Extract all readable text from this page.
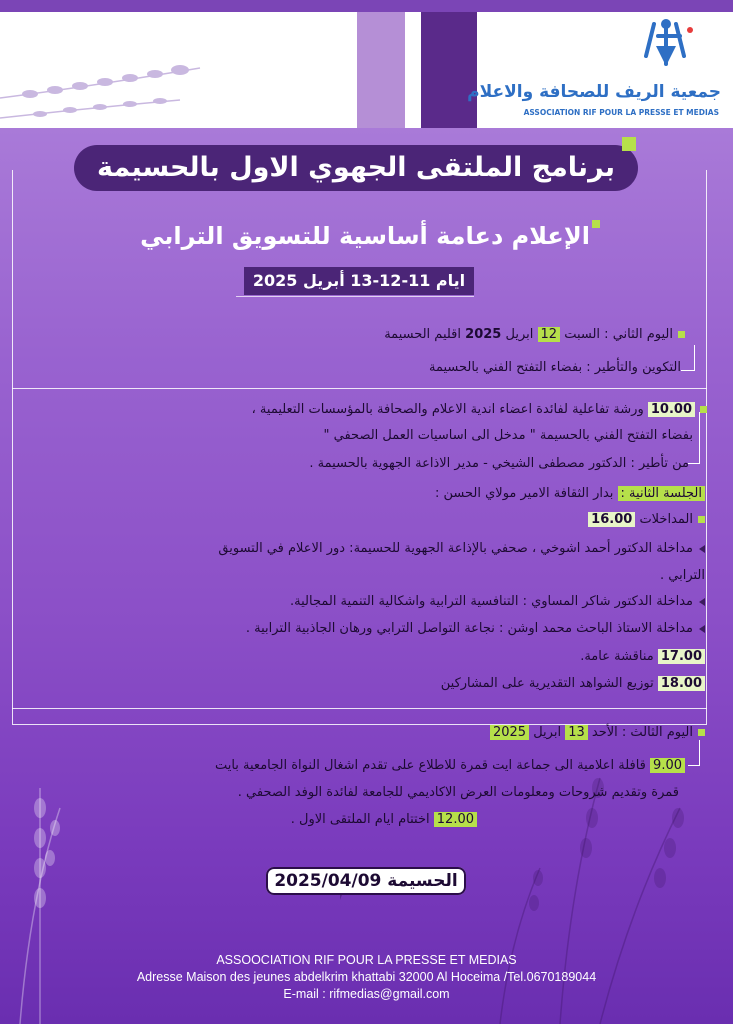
جمعية الريف للصحافة والاعلام
ASSOCIATION RIF POUR LA PRESSE ET MEDIAS
برنامج الملتقى الجهوي الاول بالحسيمة
الإعلام دعامة أساسية للتسويق الترابي
ايام 11-12-13 أبريل 2025
اليوم الثاني : السبت 12 ابريل 2025 اقليم الحسيمة
التكوين والتأطير : بفضاء التفتح الفني بالحسيمة
10.00 ورشة تفاعلية لفائدة اعضاء اندية الاعلام والصحافة بالمؤسسات التعليمية ،
بفضاء التفتح الفني بالحسيمة " مدخل الى اساسيات العمل الصحفي "
من تأطير : الدكتور مصطفى الشيخي - مدير الاذاعة الجهوية بالحسيمة .
الجلسة الثانية : بدار الثقافة الامير مولاي الحسن :
المداخلات 16.00
مداخلة الدكتور أحمد اشوخي ، صحفي بالإذاعة الجهوية للحسيمة: دور الاعلام في التسويق
الترابي .
مداخلة الدكتور شاكر المساوي : التنافسية الترابية واشكالية التنمية المجالية.
مداخلة الاستاذ الباحث محمد اوشن : نجاعة التواصل الترابي ورهان الجاذبية الترابية .
17.00 مناقشة عامة.
18.00 توزيع الشواهد التقديرية على المشاركين
اليوم الثالث : الأحد 13 ابريل 2025
9.00 قافلة اعلامية الى جماعة ايت قمرة للاطلاع على تقدم اشغال النواة الجامعية بايت
قمرة وتقديم شروحات ومعلومات العرض الاكاديمي للجامعة لفائدة الوفد الصحفي .
12.00 اختتام ايام الملتقى الاول .
الحسيمة 2025/04/09
ASSOOCIATION RIF POUR LA PRESSE ET MEDIAS
Adresse Maison des jeunes abdelkrim khattabi 32000 Al Hoceima /Tel.0670189044
E-mail : rifmedias@gmail.com
